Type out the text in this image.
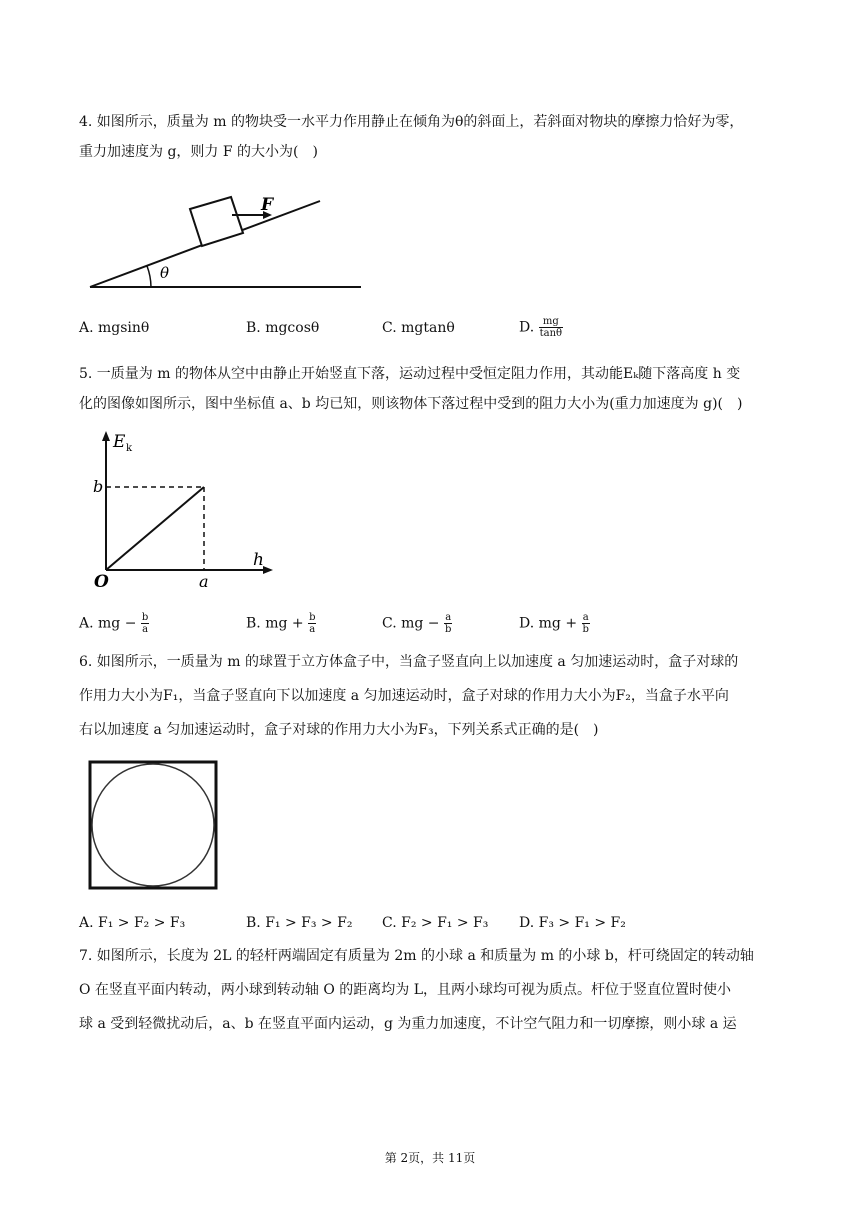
4. 如图所示，质量为 m 的物块受一水平力作用静止在倾角为θ的斜面上，若斜面对物块的摩擦力恰好为零，
重力加速度为 g，则力 F 的大小为(　)
F
θ
A. mgsinθ	B. mgcosθ	C. mgtanθ	D. $\frac{mg}{\tan\theta}$
5. 一质量为 m 的物体从空中由静止开始竖直下落，运动过程中受恒定阻力作用，其动能Eₖ随下落高度 h 变
化的图像如图所示，图中坐标值 a、b 均已知，则该物体下落过程中受到的阻力大小为(重力加速度为 g)(　)
E k
h
O
b
a
A. mg − $\frac{b}{a}$	B. mg + $\frac{b}{a}$	C. mg − $\frac{a}{b}$	D. mg + $\frac{a}{b}$
6. 如图所示，一质量为 m 的球置于立方体盒子中，当盒子竖直向上以加速度 a 匀加速运动时，盒子对球的
作用力大小为F₁，当盒子竖直向下以加速度 a 匀加速运动时，盒子对球的作用力大小为F₂，当盒子水平向
右以加速度 a 匀加速运动时，盒子对球的作用力大小为F₃，下列关系式正确的是(　)
A. F₁ > F₂ > F₃	B. F₁ > F₃ > F₂ C. F₂ > F₁ > F₃ D. F₃ > F₁ > F₂
7. 如图所示，长度为 2L 的轻杆两端固定有质量为 2m 的小球 a 和质量为 m 的小球 b，杆可绕固定的转动轴
O 在竖直平面内转动，两小球到转动轴 O 的距离均为 L，且两小球均可视为质点。杆位于竖直位置时使小
球 a 受到轻微扰动后，a、b 在竖直平面内运动，g 为重力加速度，不计空气阻力和一切摩擦，则小球 a 运
第 2页，共 11页
